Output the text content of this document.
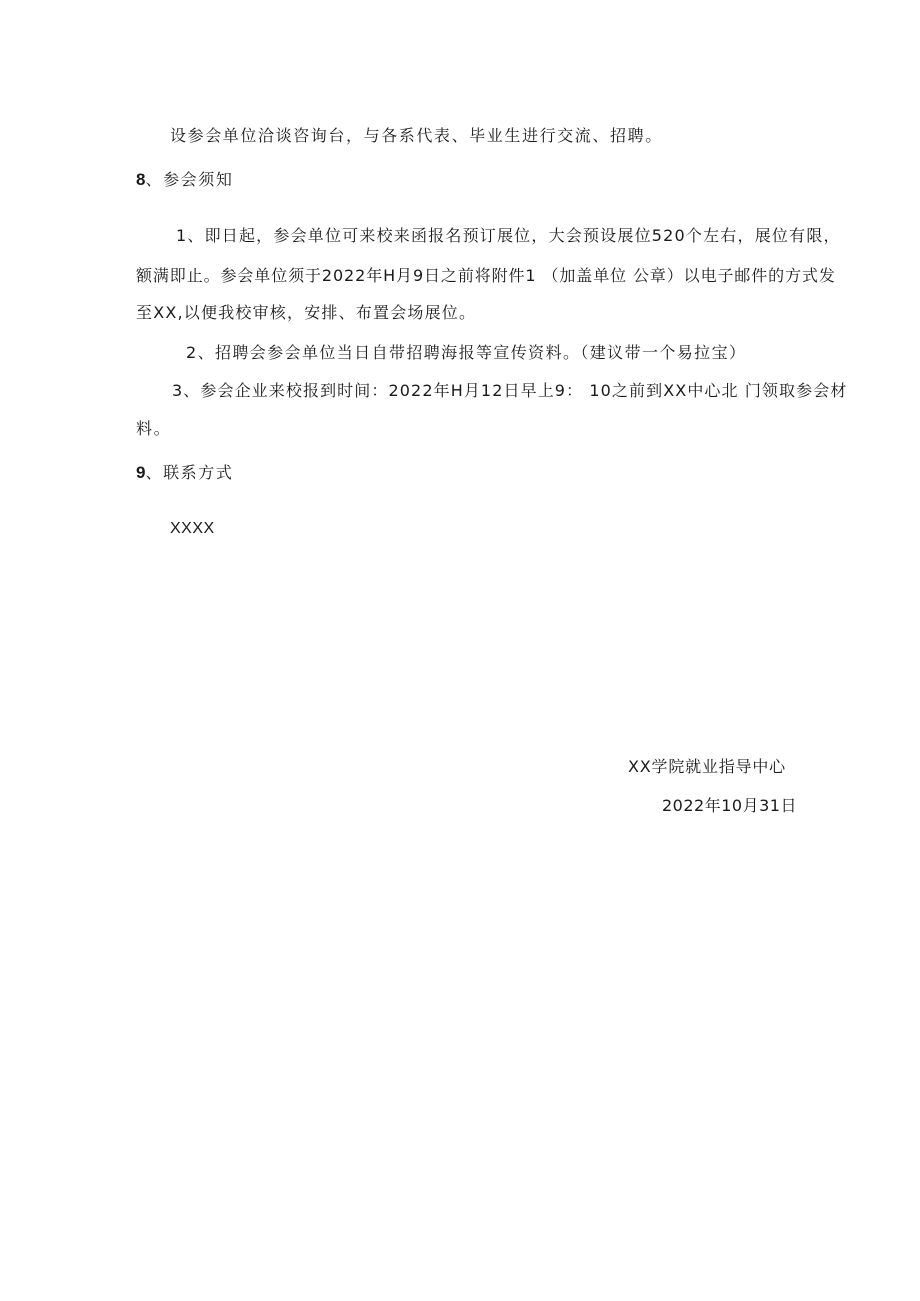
设参会单位洽谈咨询台，与各系代表、毕业生进行交流、招聘。
8、参会须知
1、即日起，参会单位可来校来函报名预订展位，大会预设展位520个左右，展位有限，
额满即止。参会单位须于2022年H月9日之前将附件1 （加盖单位 公章）以电子邮件的方式发
至XX,以便我校审核，安排、布置会场展位。
2、招聘会参会单位当日自带招聘海报等宣传资料。（建议带一个易拉宝）
3、参会企业来校报到时间：2022年H月12日早上9： 10之前到XX中心北 门领取参会材
料。
9、联系方式
XXXX
XX学院就业指导中心
2022年10月31日
